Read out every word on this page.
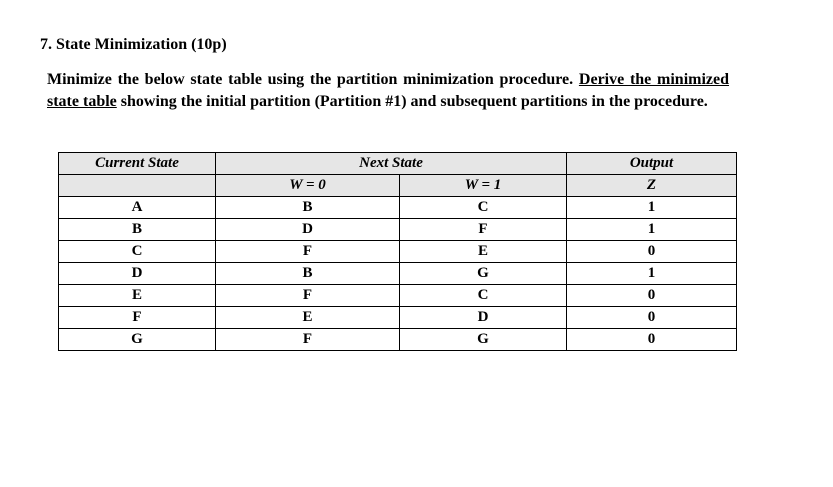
7. State Minimization (10p)
Minimize the below state table using the partition minimization procedure. Derive the minimized state table showing the initial partition (Partition #1) and subsequent partitions in the procedure.
Current State	Next State		Output
	W = 0	W = 1	Z
A	B	C	1
B	D	F	1
C	F	E	0
D	B	G	1
E	F	C	0
F	E	D	0
G	F	G	0
